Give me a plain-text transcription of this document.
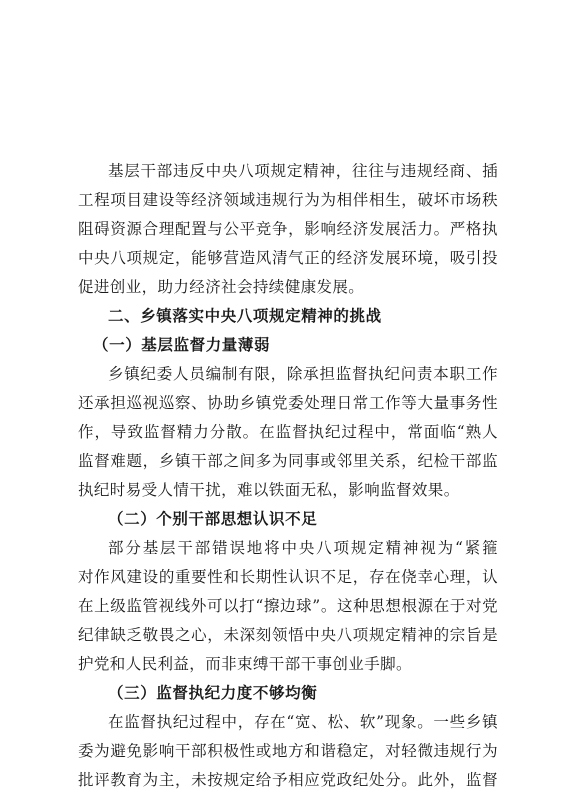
基层干部违反中央八项规定精神，往往与违规经商、插
工程项目建设等经济领域违规行为为相伴相生，破坏市场秩
阻碍资源合理配置与公平竞争，影响经济发展活力。严格执
中央八项规定，能够营造风清气正的经济发展环境，吸引投
促进创业，助力经济社会持续健康发展。
二、乡镇落实中央八项规定精神的挑战
（一）基层监督力量薄弱
乡镇纪委人员编制有限，除承担监督执纪问责本职工作
还承担巡视巡察、协助乡镇党委处理日常工作等大量事务性
作，导致监督精力分散。在监督执纪过程中，常面临“熟人
监督难题，乡镇干部之间多为同事或邻里关系，纪检干部监
执纪时易受人情干扰，难以铁面无私，影响监督效果。
（二）个别干部思想认识不足
部分基层干部错误地将中央八项规定精神视为“紧箍
对作风建设的重要性和长期性认识不足，存在侥幸心理，认
在上级监管视线外可以打“擦边球”。这种思想根源在于对党
纪律缺乏敬畏之心，未深刻领悟中央八项规定精神的宗旨是
护党和人民利益，而非束缚干部干事创业手脚。
（三）监督执纪力度不够均衡
在监督执纪过程中，存在“宽、松、软”现象。一些乡镇
委为避免影响干部积极性或地方和谐稳定，对轻微违规行为
批评教育为主，未按规定给予相应党政纪处分。此外，监督
